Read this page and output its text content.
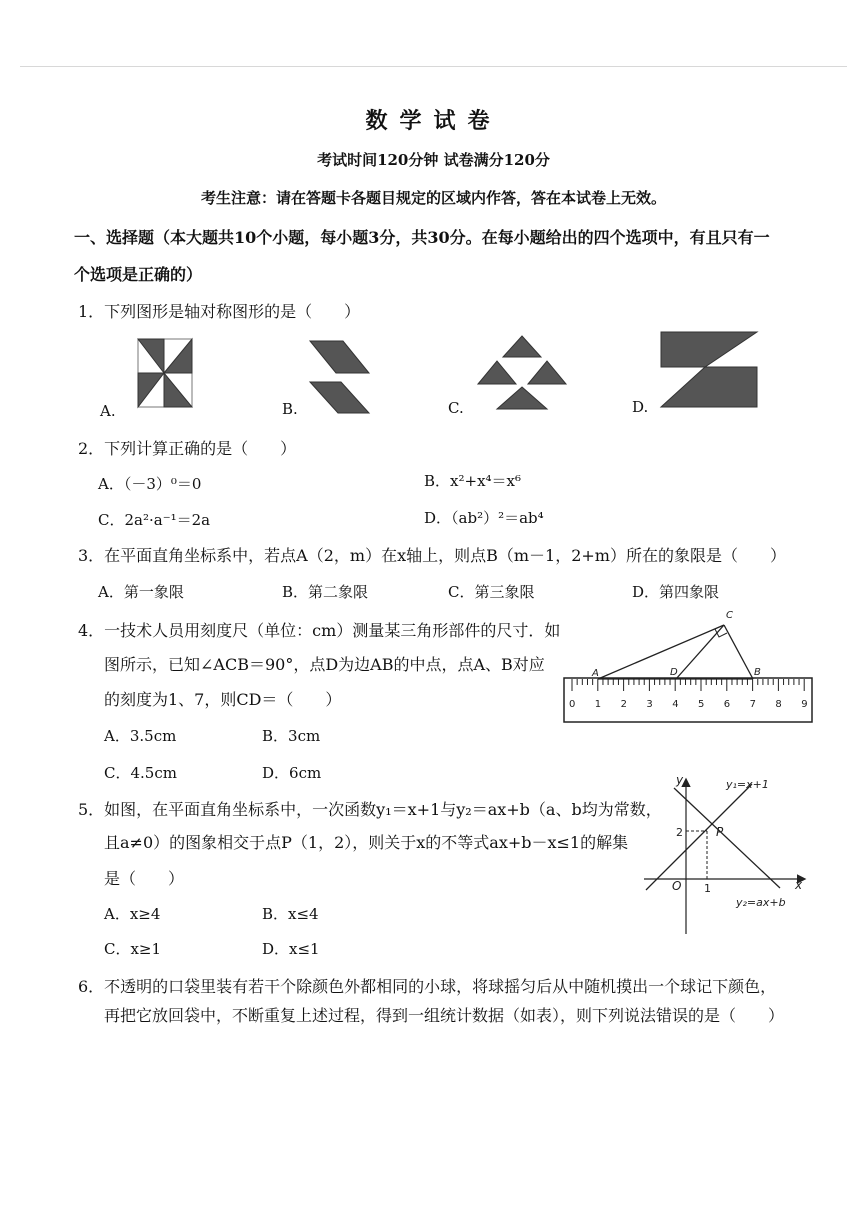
数学试卷
考试时间120分钟 试卷满分120分
考生注意：请在答题卡各题目规定的区域内作答，答在本试卷上无效。
一、选择题（本大题共10个小题，每小题3分，共30分。在每小题给出的四个选项中，有且只有一
个选项是正确的）
1．下列图形是轴对称图形的是（　　）
A.	B.	C.	D.
2．下列计算正确的是（　　）
A．（－3）⁰＝0	B．x²+x⁴＝x⁶
C．2a²·a⁻¹＝2a	D．（ab²）²＝ab⁴
3．在平面直角坐标系中，若点A（2，m）在x轴上，则点B（m－1，2+m）所在的象限是（　　）
A．第一象限	B．第二象限	C．第三象限	D．第四象限
4．一技术人员用刻度尺（单位：cm）测量某三角形部件的尺寸．如
图所示，已知∠ACB＝90°，点D为边AB的中点，点A、B对应
的刻度为1、7，则CD＝（　　）
A．3.5cm	B．3cm
C．4.5cm	D．6cm
0 1 2 3 4 5 6 7 8 9
C
A	D	B
5．如图，在平面直角坐标系中，一次函数y₁＝x+1与y₂＝ax+b（a、b均为常数，
且a≠0）的图象相交于点P（1，2），则关于x的不等式ax+b－x≤1的解集
是（　　）
A．x≥4	B．x≤4
C．x≥1	D．x≤1
y
x
O 1
2	P
y₁=x+1
y₂=ax+b
6．不透明的口袋里装有若干个除颜色外都相同的小球，将球摇匀后从中随机摸出一个球记下颜色，
再把它放回袋中，不断重复上述过程，得到一组统计数据（如表），则下列说法错误的是（　　）
